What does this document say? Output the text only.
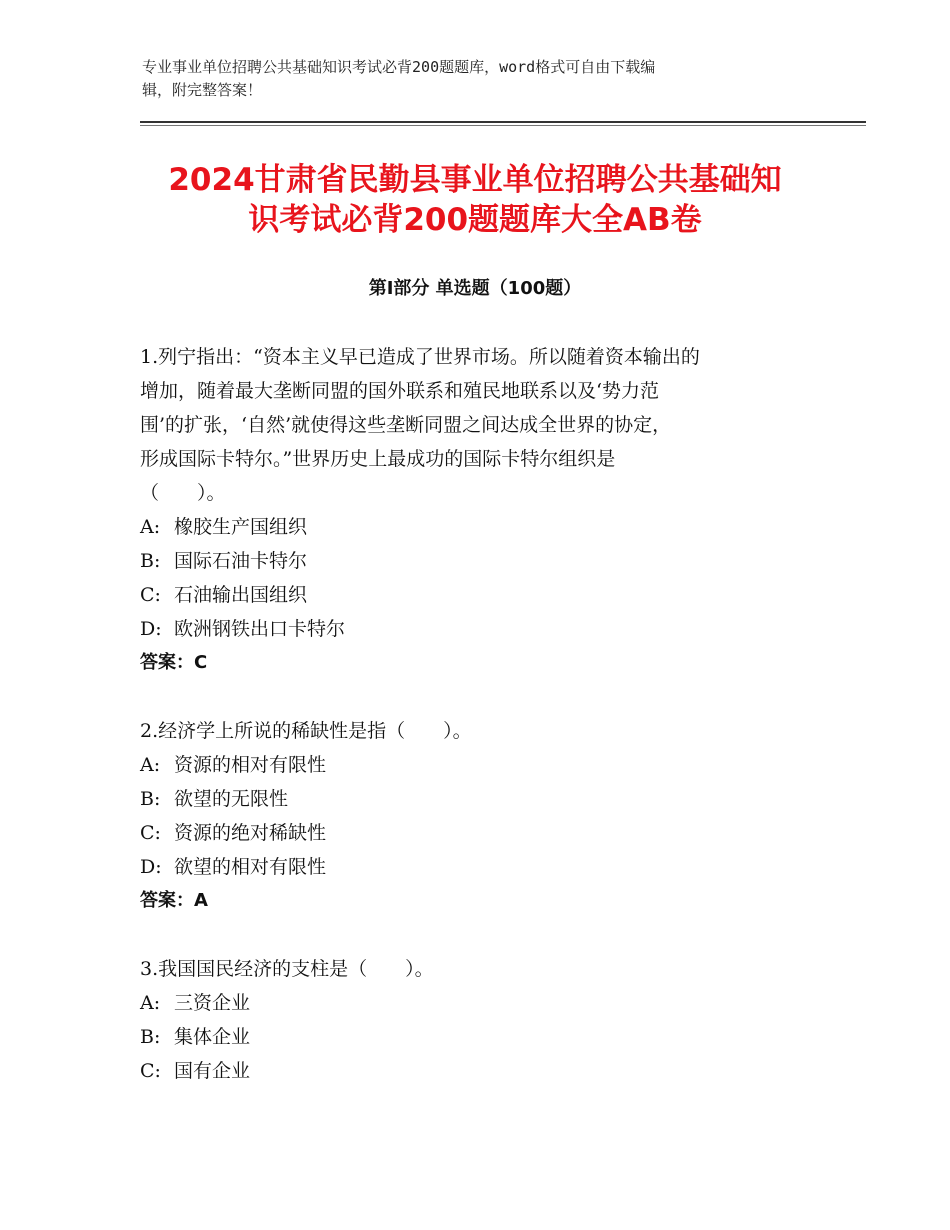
专业事业单位招聘公共基础知识考试必背200题题库，word格式可自由下载编
辑，附完整答案！
2024甘肃省民勤县事业单位招聘公共基础知
识考试必背200题题库大全AB卷
第Ⅰ部分 单选题（100题）

1.列宁指出：“资本主义早已造成了世界市场。所以随着资本输出的

增加，随着最大垄断同盟的国外联系和殖民地联系以及‘势力范

围’的扩张，‘自然’就使得这些垄断同盟之间达成全世界的协定，

形成国际卡特尔。”世界历史上最成功的国际卡特尔组织是

（　　）。

A: 橡胶生产国组织

B: 国际石油卡特尔

C: 石油输出国组织

D: 欧洲钢铁出口卡特尔

答案：C

2.经济学上所说的稀缺性是指（　　）。

A: 资源的相对有限性

B: 欲望的无限性

C: 资源的绝对稀缺性

D: 欲望的相对有限性

答案：A

3.我国国民经济的支柱是（　　）。

A: 三资企业

B: 集体企业

C: 国有企业
